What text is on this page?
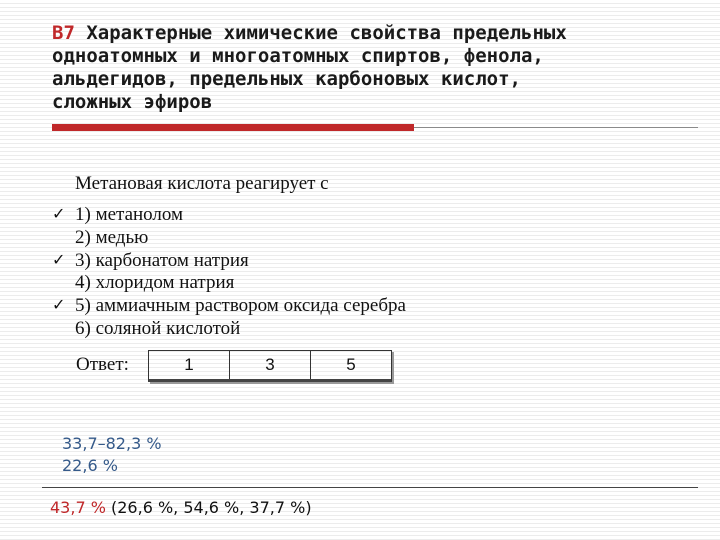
В7 Характерные химические свойства предельных
одноатомных и многоатомных спиртов, фенола,
альдегидов, предельных карбоновых кислот,
сложных эфиров
Метановая кислота реагирует с
✓ 1) метанолом
2) медью
✓ 3) карбонатом натрия
4) хлоридом натрия
✓ 5) аммиачным раствором оксида серебра
6) соляной кислотой
Ответ:	1	3	5
33,7–82,3 %
22,6 %
43,7 % (26,6 %, 54,6 %, 37,7 %)
